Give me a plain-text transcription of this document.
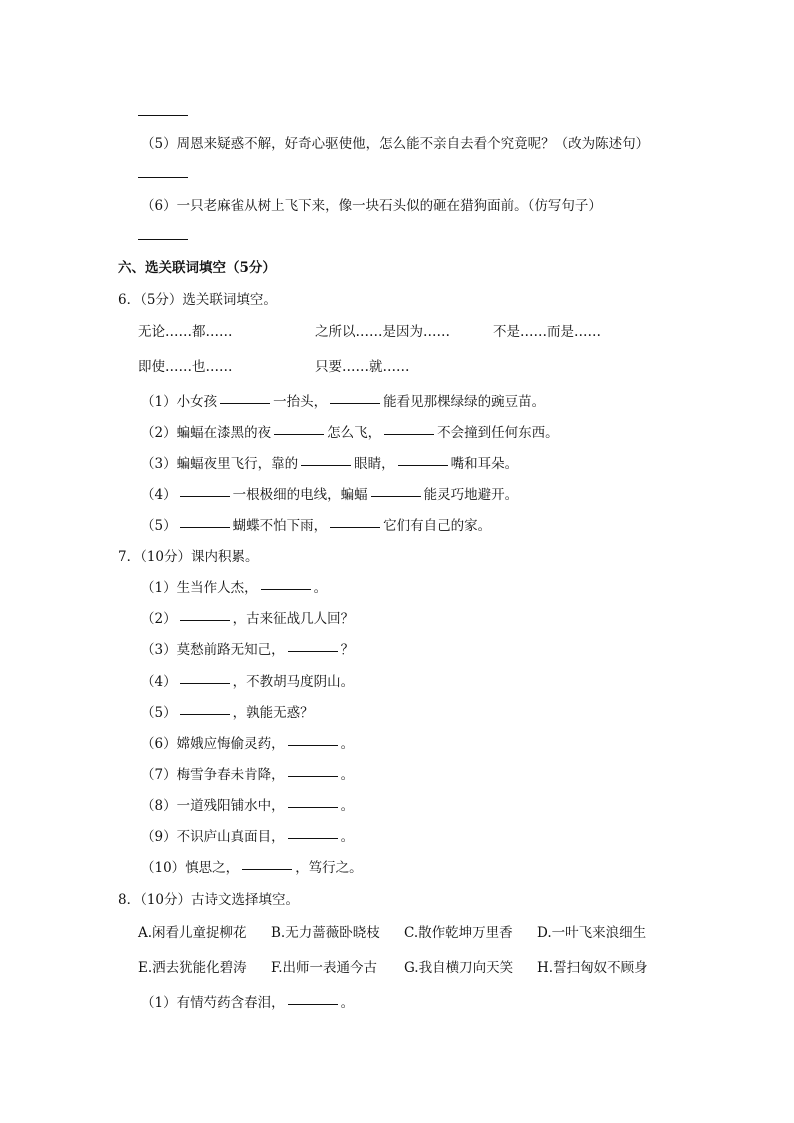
（5）周恩来疑惑不解，好奇心驱使他，怎么能不亲自去看个究竟呢？（改为陈述句）
（6）一只老麻雀从树上飞下来，像一块石头似的砸在猎狗面前。（仿写句子）
六、选关联词填空（5分）
6．（5分）选关联词填空。
无论……都……	之所以……是因为……	不是……而是……
即使……也……	只要……就……
（1）小女孩	一抬头，	能看见那棵绿绿的豌豆苗。
（2）蝙蝠在漆黑的夜	怎么飞，	不会撞到任何东西。
（3）蝙蝠夜里飞行，靠的	眼睛，	嘴和耳朵。
（4）	一根极细的电线，蝙蝠	能灵巧地避开。
（5）	蝴蝶不怕下雨，	它们有自己的家。
7．（10分）课内积累。
（1）生当作人杰，	。
（2）	，古来征战几人回？
（3）莫愁前路无知己，	？
（4）	，不教胡马度阴山。
（5）	，孰能无惑？
（6）嫦娥应悔偷灵药，	。
（7）梅雪争春未肯降，	。
（8）一道残阳铺水中，	。
（9）不识庐山真面目，	。
（10）慎思之，	，笃行之。
8．（10分）古诗文选择填空。
A.闲看儿童捉柳花 B.无力蔷薇卧晓枝 C.散作乾坤万里香 D.一叶飞来浪细生
E.洒去犹能化碧涛 F.出师一表通今古 G.我自横刀向天笑 H.誓扫匈奴不顾身
（1）有情芍药含春泪，	。
